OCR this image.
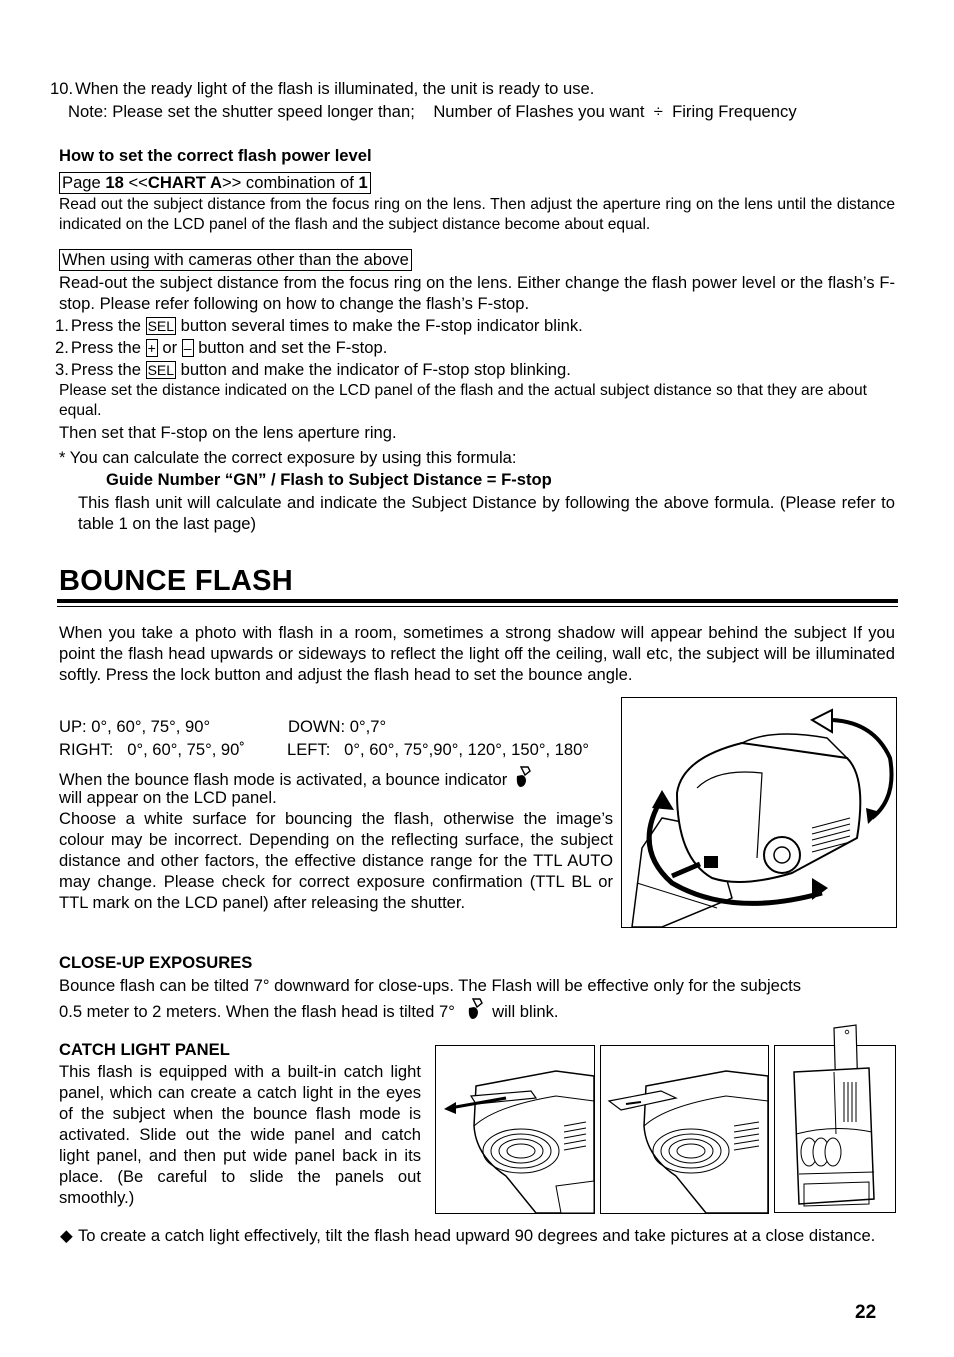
10. When the ready light of the flash is illuminated, the unit is ready to use.
Note: Please set the shutter speed longer than; Number of Flashes you want ÷ Firing Frequency
How to set the correct flash power level
Page 18 <<CHART A>> combination of 1
Read out the subject distance from the focus ring on the lens. Then adjust the aperture ring on the lens until the distance indicated on the LCD panel of the flash and the subject distance become about equal.
When using with cameras other than the above
Read-out the subject distance from the focus ring on the lens. Either change the flash power level or the flash’s F-stop. Please refer following on how to change the flash’s F-stop.
1. Press the SEL button several times to make the F-stop indicator blink.
2. Press the + or – button and set the F-stop.
3. Press the SEL button and make the indicator of F-stop stop blinking.
Please set the distance indicated on the LCD panel of the flash and the actual subject distance so that they are about equal.
Then set that F-stop on the lens aperture ring.
* You can calculate the correct exposure by using this formula:
Guide Number “GN” / Flash to Subject Distance = F-stop
This flash unit will calculate and indicate the Subject Distance by following the above formula. (Please refer to table 1 on the last page)
BOUNCE FLASH
When you take a photo with flash in a room, sometimes a strong shadow will appear behind the subject If you point the flash head upwards or sideways to reflect the light off the ceiling, wall etc, the subject will be illuminated softly. Press the lock button and adjust the flash head to set the bounce angle.
UP: 0°, 60°, 75°, 90°	DOWN: 0°,7°
RIGHT:   0°, 60°, 75°, 90˚	LEFT:   0°, 60°, 75°,90°, 120°, 150°, 180°
When the bounce flash mode is activated, a bounce indicator
will appear on the LCD panel.
Choose a white surface for bouncing the flash, otherwise the image’s colour may be incorrect. Depending on the reflecting surface, the subject distance and other factors, the effective distance range for the TTL AUTO may change. Please check for correct exposure confirmation (TTL BL or TTL mark on the LCD panel) after releasing the shutter.
CLOSE-UP EXPOSURES
Bounce flash can be tilted 7° downward for close-ups. The Flash will be effective only for the subjects
0.5 meter to 2 meters. When the flash head is tilted 7° will blink.
CATCH LIGHT PANEL
This flash is equipped with a built-in catch light panel, which can create a catch light in the eyes of the subject when the bounce flash mode is activated. Slide out the wide panel and catch light panel, and then put wide panel back in its place. (Be careful to slide the panels out smoothly.)
◆ To create a catch light effectively, tilt the flash head upward 90 degrees and take pictures at a close distance.
22
